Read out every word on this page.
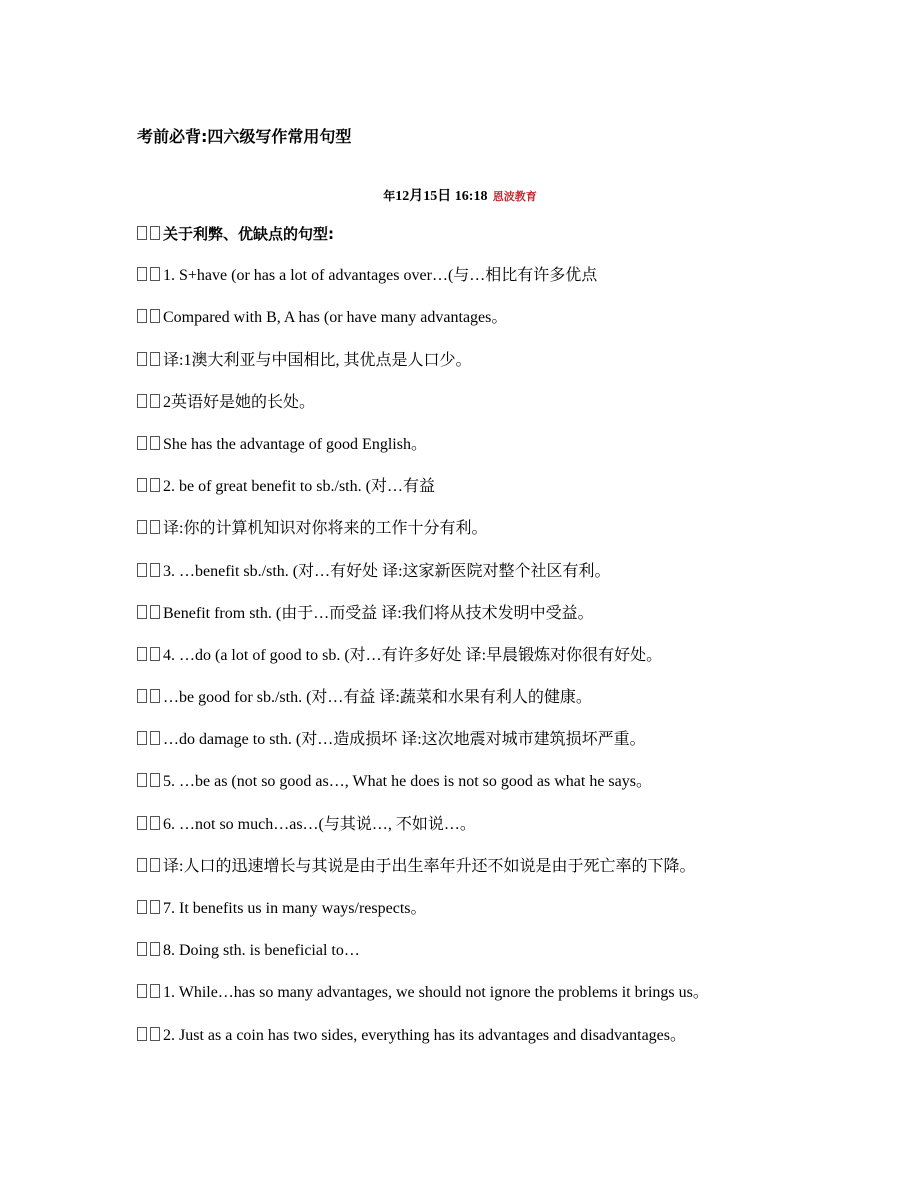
考前必背:四六级写作常用句型
年12月15日 16:18 恩波教育
关于利弊、优缺点的句型:
1. S+have (or has a lot of advantages over…(与…相比有许多优点
Compared with B, A has (or have many advantages。
译:1澳大利亚与中国相比, 其优点是人口少。
2英语好是她的长处。
She has the advantage of good English。
2. be of great benefit to sb./sth. (对…有益
译:你的计算机知识对你将来的工作十分有利。
3. …benefit sb./sth. (对…有好处 译:这家新医院对整个社区有利。
Benefit from sth. (由于…而受益 译:我们将从技术发明中受益。
4. …do (a lot of good to sb. (对…有许多好处 译:早晨锻炼对你很有好处。
…be good for sb./sth. (对…有益 译:蔬菜和水果有利人的健康。
…do damage to sth. (对…造成损坏 译:这次地震对城市建筑损坏严重。
5. …be as (not so good as…, What he does is not so good as what he says。
6. …not so much…as…(与其说…, 不如说…。
译:人口的迅速增长与其说是由于出生率年升还不如说是由于死亡率的下降。
7. It benefits us in many ways/respects。
8. Doing sth. is beneficial to…
1. While…has so many advantages, we should not ignore the problems it brings us。
2. Just as a coin has two sides, everything has its advantages and disadvantages。
